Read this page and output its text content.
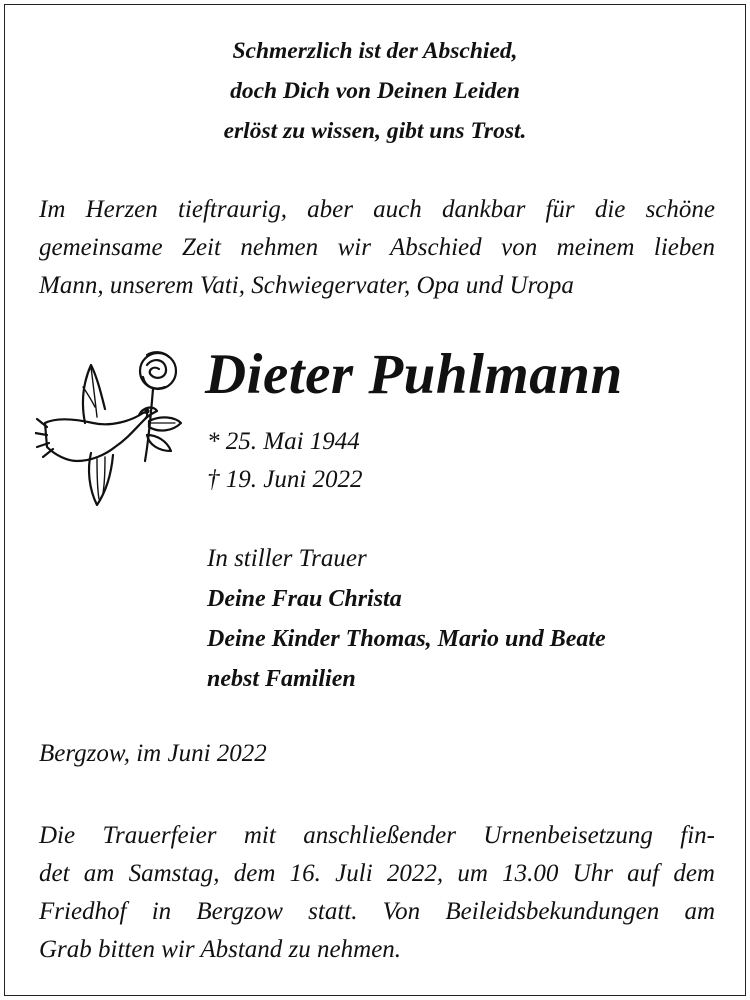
Schmerzlich ist der Abschied,
doch Dich von Deinen Leiden
erlöst zu wissen, gibt uns Trost.
Im Herzen tieftraurig, aber auch dankbar für die schöne
gemeinsame Zeit nehmen wir Abschied von meinem lieben
Mann, unserem Vati, Schwiegervater, Opa und Uropa
Dieter Puhlmann
* 25. Mai 1944
† 19. Juni 2022
In stiller Trauer
Deine Frau Christa
Deine Kinder Thomas, Mario und Beate
nebst Familien
Bergzow, im Juni 2022
Die Trauerfeier mit anschließender Urnenbeisetzung fin-
det am Samstag, dem 16. Juli 2022, um 13.00 Uhr auf dem
Friedhof in Bergzow statt. Von Beileidsbekundungen am
Grab bitten wir Abstand zu nehmen.
